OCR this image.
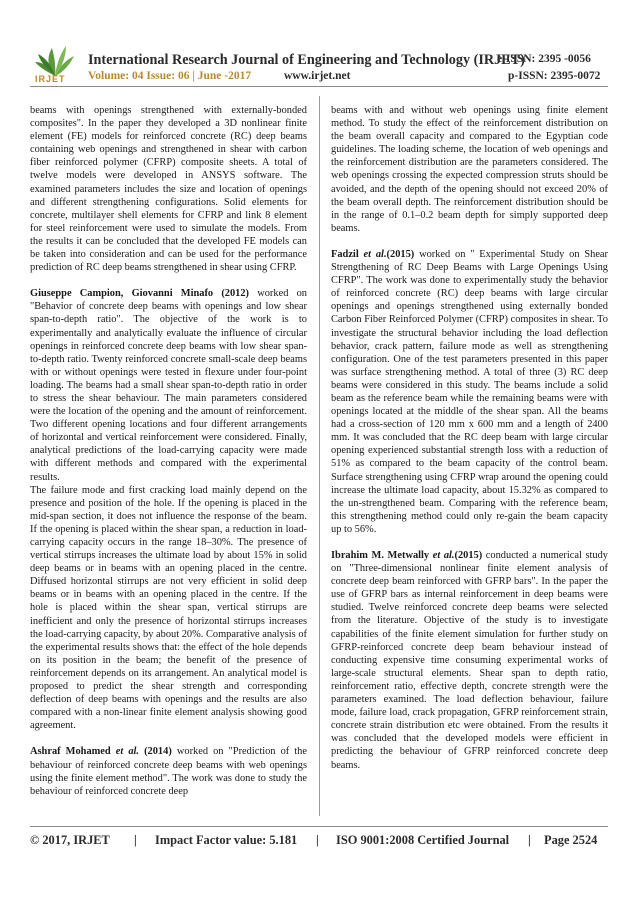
IRJET
International Research Journal of Engineering and Technology (IRJET)
e-ISSN: 2395 -0056
Volume: 04 Issue: 06 | June -2017	www.irjet.net	p-ISSN: 2395-0072

beams with openings strengthened with externally-bonded composites". In the paper they developed a 3D nonlinear finite element (FE) models for reinforced concrete (RC) deep beams containing web openings and strengthened in shear with carbon fiber reinforced polymer (CFRP) composite sheets. A total of twelve models were developed in ANSYS software. The examined parameters includes the size and location of openings and different strengthening configurations. Solid elements for concrete, multilayer shell elements for CFRP and link 8 element for steel reinforcement were used to simulate the models. From the results it can be concluded that the developed FE models can be taken into consideration and can be used for the performance prediction of RC deep beams strengthened in shear using CFRP.

Giuseppe Campion, Giovanni Minafo (2012) worked on "Behavior of concrete deep beams with openings and low shear span-to-depth ratio". The objective of the work is to experimentally and analytically evaluate the influence of circular openings in reinforced concrete deep beams with low shear span-to-depth ratio. Twenty reinforced concrete small-scale deep beams with or without openings were tested in flexure under four-point loading. The beams had a small shear span-to-depth ratio in order to stress the shear behaviour. The main parameters considered were the location of the opening and the amount of reinforcement. Two different opening locations and four different arrangements of horizontal and vertical reinforcement were considered. Finally, analytical predictions of the load-carrying capacity were made with different methods and compared with the experimental results.

The failure mode and first cracking load mainly depend on the presence and position of the hole. If the opening is placed in the mid-span section, it does not influence the response of the beam. If the opening is placed within the shear span, a reduction in load-carrying capacity occurs in the range 18–30%. The presence of vertical stirrups increases the ultimate load by about 15% in solid deep beams or in beams with an opening placed in the centre. Diffused horizontal stirrups are not very efficient in solid deep beams or in beams with an opening placed in the centre. If the hole is placed within the shear span, vertical stirrups are inefficient and only the presence of horizontal stirrups increases the load-carrying capacity, by about 20%. Comparative analysis of the experimental results shows that: the effect of the hole depends on its position in the beam; the benefit of the presence of reinforcement depends on its arrangement. An analytical model is proposed to predict the shear strength and corresponding deflection of deep beams with openings and the results are also compared with a non-linear finite element analysis showing good agreement.

Ashraf Mohamed et al. (2014) worked on "Prediction of the behaviour of reinforced concrete deep beams with web openings using the finite element method". The work was done to study the behaviour of reinforced concrete deep

beams with and without web openings using finite element method. To study the effect of the reinforcement distribution on the beam overall capacity and compared to the Egyptian code guidelines. The loading scheme, the location of web openings and the reinforcement distribution are the parameters considered. The web openings crossing the expected compression struts should be avoided, and the depth of the opening should not exceed 20% of the beam overall depth. The reinforcement distribution should be in the range of 0.1–0.2 beam depth for simply supported deep beams.

Fadzil et al.(2015) worked on " Experimental Study on Shear Strengthening of RC Deep Beams with Large Openings Using CFRP". The work was done to experimentally study the behavior of reinforced concrete (RC) deep beams with large circular openings and openings strengthened using externally bonded Carbon Fiber Reinforced Polymer (CFRP) composites in shear. To investigate the structural behavior including the load deflection behavior, crack pattern, failure mode as well as strengthening configuration. One of the test parameters presented in this paper was surface strengthening method. A total of three (3) RC deep beams were considered in this study. The beams include a solid beam as the reference beam while the remaining beams were with openings located at the middle of the shear span. All the beams had a cross-section of 120 mm x 600 mm and a length of 2400 mm. It was concluded that the RC deep beam with large circular opening experienced substantial strength loss with a reduction of 51% as compared to the beam capacity of the control beam. Surface strengthening using CFRP wrap around the opening could increase the ultimate load capacity, about 15.32% as compared to the un-strengthened beam. Comparing with the reference beam, this strengthening method could only re-gain the beam capacity up to 56%.

Ibrahim M. Metwally et al.(2015) conducted a numerical study on "Three-dimensional nonlinear finite element analysis of concrete deep beam reinforced with GFRP bars". In the paper the use of GFRP bars as internal reinforcement in deep beams were studied. Twelve reinforced concrete deep beams were selected from the literature. Objective of the study is to investigate capabilities of the finite element simulation for further study on GFRP-reinforced concrete deep beam behaviour instead of conducting expensive time consuming experimental works of large-scale structural elements. Shear span to depth ratio, reinforcement ratio, effective depth, concrete strength were the parameters examined. The load deflection behaviour, failure mode, failure load, crack propagation, GFRP reinforcement strain, concrete strain distribution etc were obtained. From the results it was concluded that the developed models were efficient in predicting the behaviour of GFRP reinforced concrete deep beams.

© 2017, IRJET | Impact Factor value: 5.181 | ISO 9001:2008 Certified Journal | Page 2524
